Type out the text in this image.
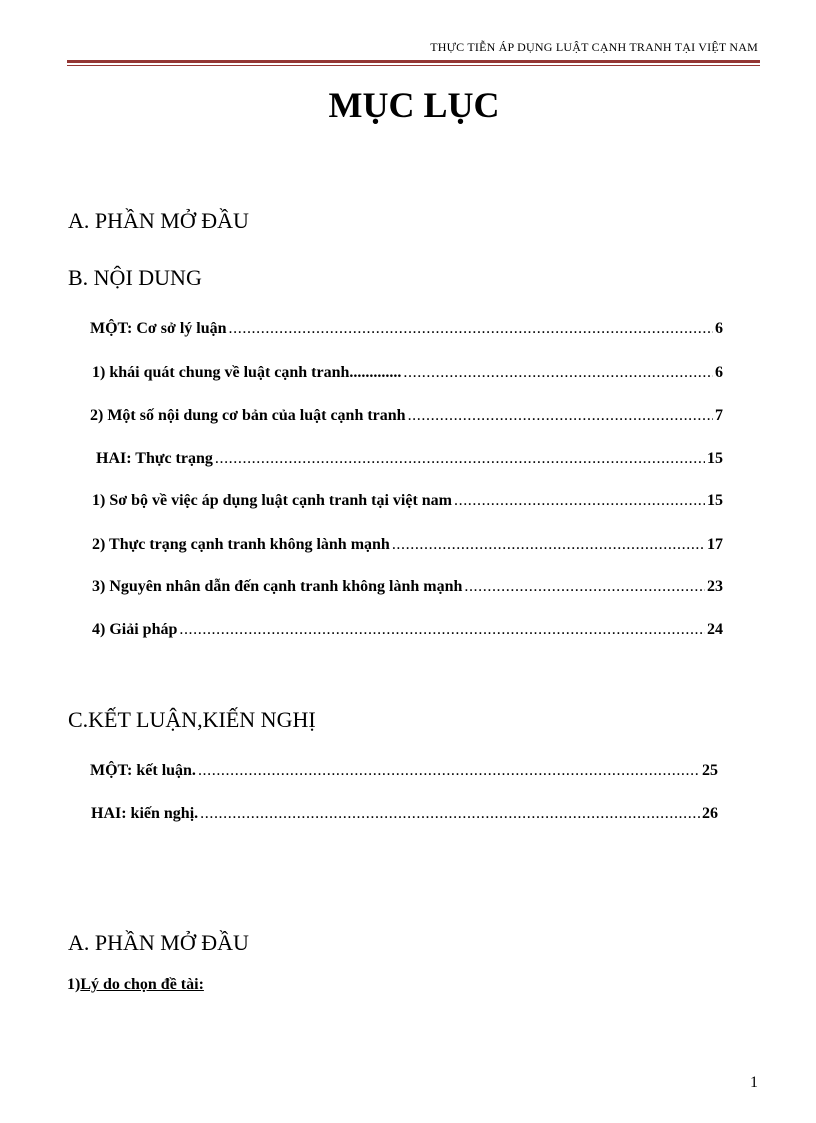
THỰC TIỄN ÁP DỤNG LUẬT CẠNH TRANH TẠI VIỆT NAM
MỤC LỤC
A. PHẦN MỞ ĐẦU
B. NỘI DUNG
MỘT: Cơ sở lý luận .....	6
1) khái quát chung về luật cạnh tranh............. .....	6
2) Một số nội dung cơ bản của luật cạnh tranh .....	7
HAI: Thực trạng .....	15
1) Sơ bộ về việc áp dụng luật cạnh tranh tại việt nam .....	15
2) Thực trạng cạnh tranh không lành mạnh .....	17
3) Nguyên nhân dẫn đến cạnh tranh không lành mạnh .....	23
4) Giải pháp .....	24
C.KẾT LUẬN,KIẾN NGHỊ
MỘT: kết luận. .....	25
HAI: kiến nghị. .....	26
A. PHẦN MỞ ĐẦU
1)Lý do chọn đề tài:
1
